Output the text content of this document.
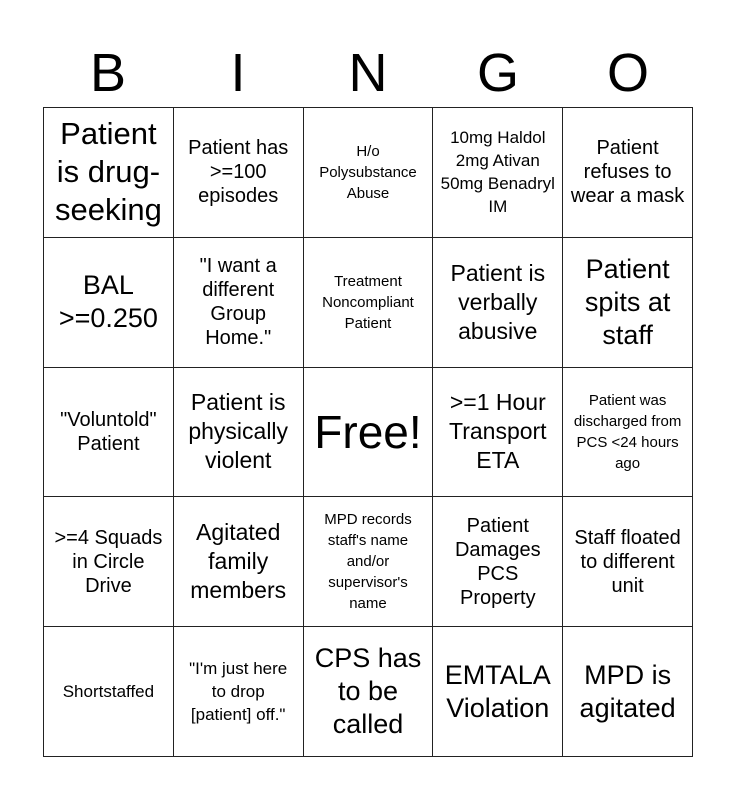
B	I	N	G	O
Patient is drug-seeking
Patient has >=100 episodes
H/o Polysubstance Abuse
10mg Haldol 2mg Ativan 50mg Benadryl IM
Patient refuses to wear a mask
BAL >=0.250
"I want a different Group Home."
Treatment Noncompliant Patient
Patient is verbally abusive
Patient spits at staff
"Voluntold" Patient
Patient is physically violent
Free!
>=1 Hour Transport ETA
Patient was discharged from PCS <24 hours ago
>=4 Squads in Circle Drive
Agitated family members
MPD records staff's name and/or supervisor's name
Patient Damages PCS Property
Staff floated to different unit
Shortstaffed
"I'm just here to drop [patient] off."
CPS has to be called
EMTALA Violation
MPD is agitated
